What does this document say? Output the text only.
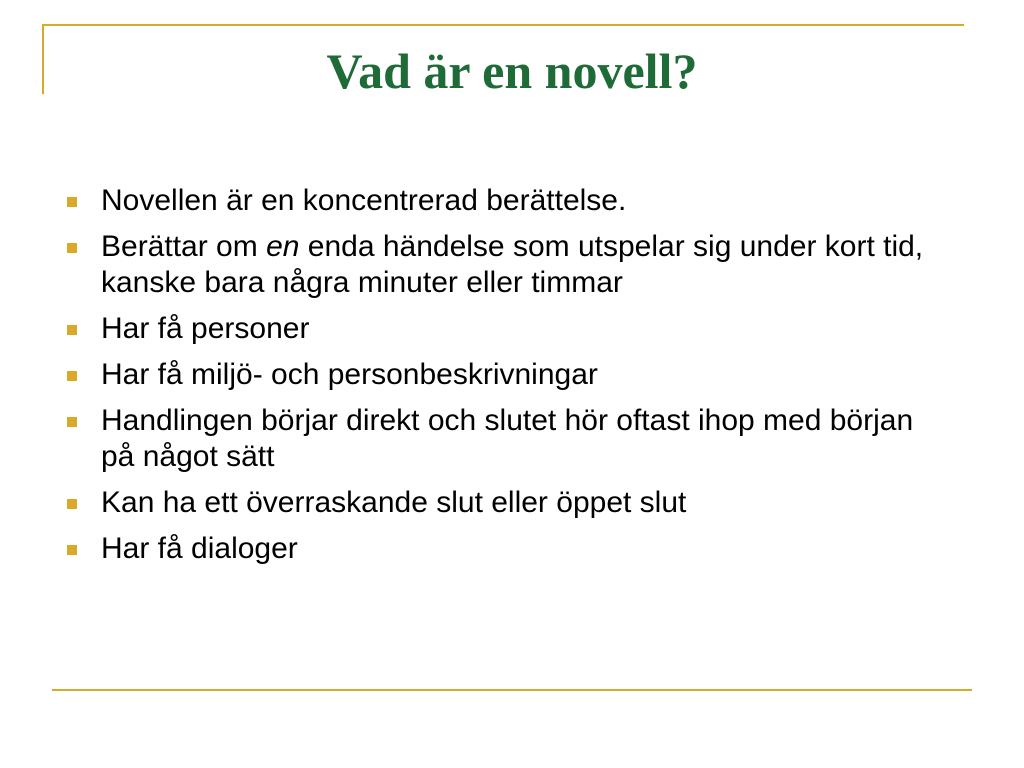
Vad är en novell?
Novellen är en koncentrerad berättelse.
Berättar om en enda händelse som utspelar sig under kort tid, kanske bara några minuter eller timmar
Har få personer
Har få miljö- och personbeskrivningar
Handlingen börjar direkt och slutet hör oftast ihop med början på något sätt
Kan ha ett överraskande slut eller öppet slut
Har få dialoger
